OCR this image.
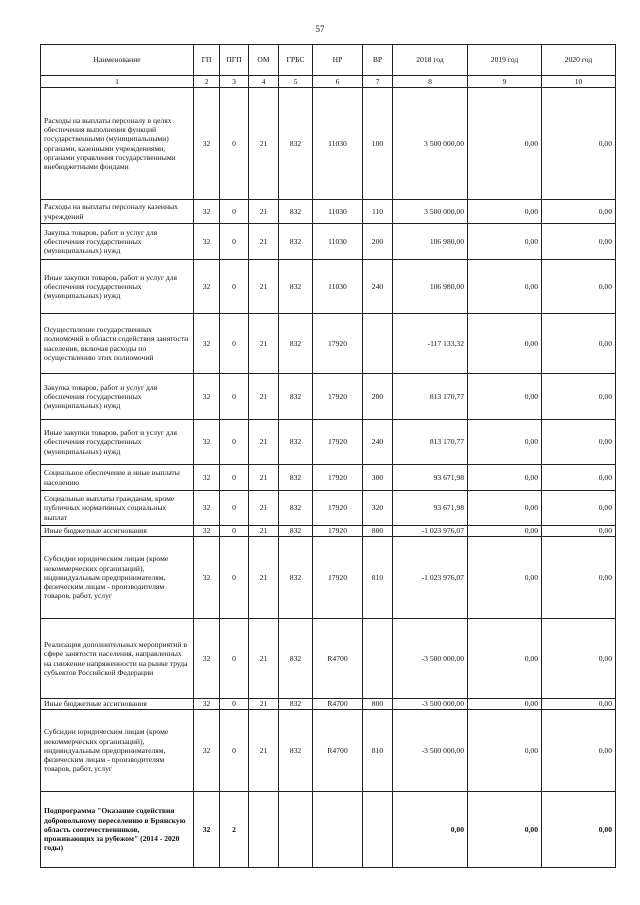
57
Наименование	ГП	ПГП	ОМ	ГРБС	НР	ВР	2018 год	2019 год	2020 год
1	2	3	4	5	6	7	8	9	10
Расходы на выплаты персоналу в целях обеспечения выполнения функций государственными (муниципальными) органами, казенными учреждениями, органами управления государственными внебюджетными фондами	32	0	21	832	11030	100	3 500 000,00	0,00	0,00
Расходы на выплаты персоналу казенных учреждений	32	0	21	832	11030	110	3 500 000,00	0,00	0,00
Закупка товаров, работ и услуг для обеспечения государственных (муниципальных) нужд	32	0	21	832	11030	200	106 980,00	0,00	0,00
Иные закупки товаров, работ и услуг для обеспечения государственных (муниципальных) нужд	32	0	21	832	11030	240	106 980,00	0,00	0,00
Осуществление государственных полномочий в области содействия занятости населения, включая расходы по осуществлению этих полномочий	32	0	21	832	17920		-117 133,32	0,00	0,00
Закупка товаров, работ и услуг для обеспечения государственных (муниципальных) нужд	32	0	21	832	17920	200	813 170,77	0,00	0,00
Иные закупки товаров, работ и услуг для обеспечения государственных (муниципальных) нужд	32	0	21	832	17920	240	813 170,77	0,00	0,00
Социальное обеспечение и иные выплаты населению	32	0	21	832	17920	300	93 671,98	0,00	0,00
Социальные выплаты гражданам, кроме публичных нормативных социальных выплат	32	0	21	832	17920	320	93 671,98	0,00	0,00
Иные бюджетные ассигнования	32	0	21	832	17920	800	-1 023 976,07	0,00	0,00
Субсидии юридическим лицам (кроме некоммерческих организаций), индивидуальным предпринимателям, физическим лицам - производителям товаров, работ, услуг	32	0	21	832	17920	810	-1 023 976,07	0,00	0,00
Реализация дополнительных мероприятий в сфере занятости населения, направленных на снижение напряженности на рынке труда субъектов Российской Федерации	32	0	21	832	R4700		-3 500 000,00	0,00	0,00
Иные бюджетные ассигнования	32	0	21	832	R4700	800	-3 500 000,00	0,00	0,00
Субсидии юридическим лицам (кроме некоммерческих организаций), индивидуальным предпринимателям, физическим лицам - производителям товаров, работ, услуг	32	0	21	832	R4700	810	-3 500 000,00	0,00	0,00
Подпрограмма "Оказание содействия добровольному переселению в Брянскую область соотечественников, проживающих за рубежом" (2014 - 2020 годы)	32	2					0,00	0,00	0,00
